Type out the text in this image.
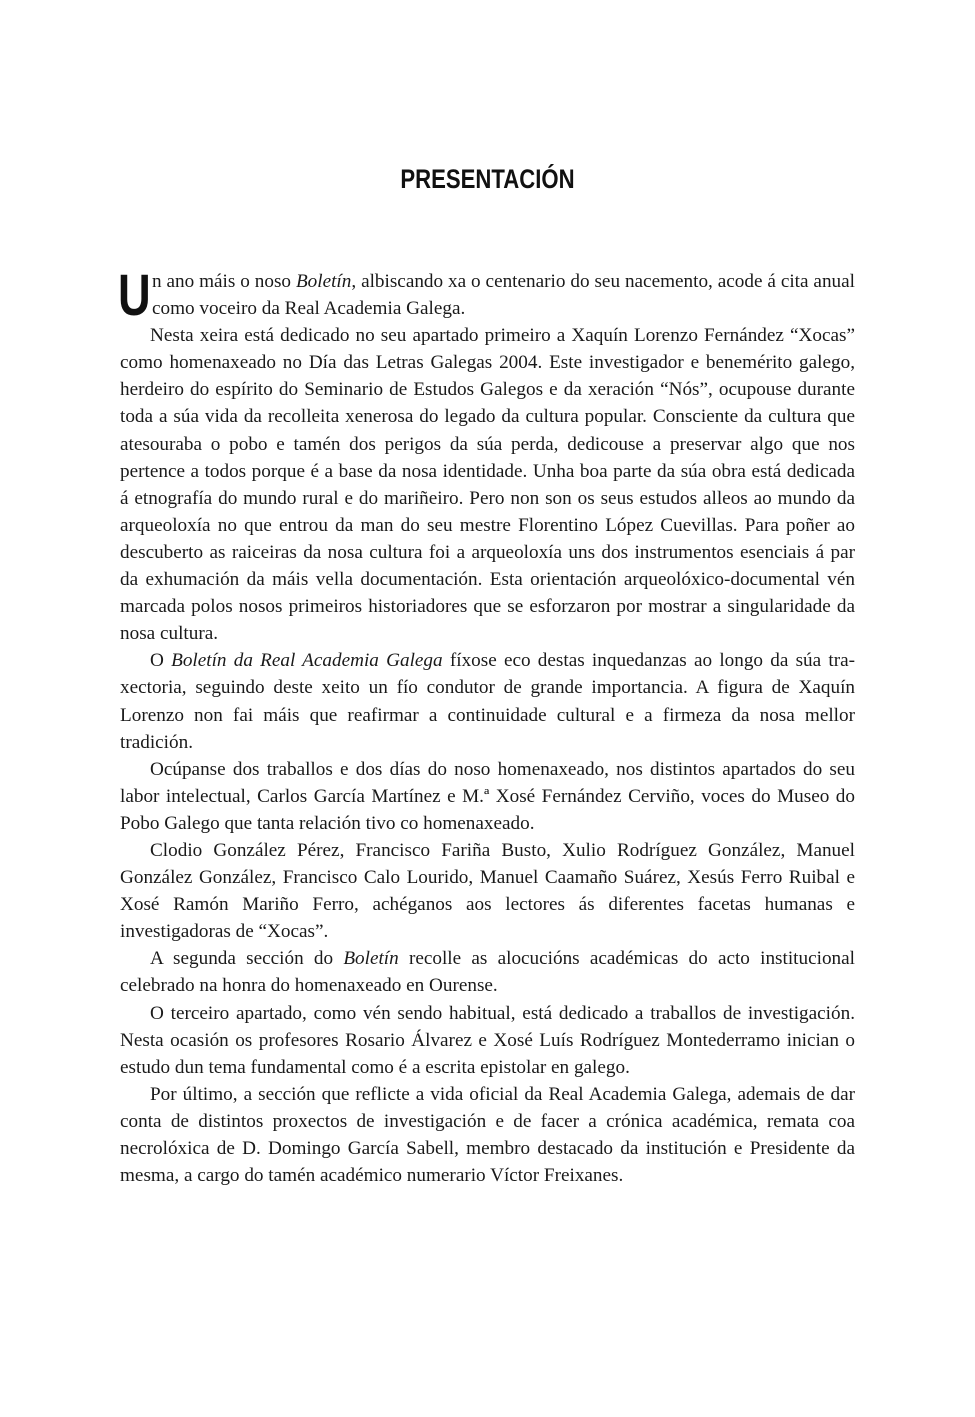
PRESENTACIÓN

Un ano máis o noso Boletín, albiscando xa o centenario do seu nacemento, acode á cita anual como voceiro da Real Academia Galega.

Nesta xeira está dedicado no seu apartado primeiro a Xaquín Lorenzo Fernández “Xocas” como homenaxeado no Día das Letras Galegas 2004. Este investigador e benemérito galego, herdeiro do espírito do Seminario de Estudos Galegos e da xeración “Nós”, ocupouse durante toda a súa vida da recolleita xenerosa do legado da cultura popular. Consciente da cultura que atesouraba o pobo e tamén dos perigos da súa perda, dedicouse a preservar algo que nos pertence a todos porque é a base da nosa identidade. Unha boa parte da súa obra está dedicada á etnografía do mundo rural e do mariñeiro. Pero non son os seus estudos alleos ao mundo da arqueoloxía no que entrou da man do seu mestre Florentino López Cuevillas. Para poñer ao descuberto as raiceiras da nosa cultura foi a arqueoloxía uns dos instrumentos esenciais á par da exhumación da máis vella documentación. Esta orientación arqueolóxico-documental vén marcada polos nosos primeiros historiadores que se esforzaron por mostrar a singularidade da nosa cultura.

O Boletín da Real Academia Galega fíxose eco destas inquedanzas ao longo da súa traxectoria, seguindo deste xeito un fío condutor de grande importancia. A figura de Xaquín Lorenzo non fai máis que reafirmar a continuidade cultural e a firmeza da nosa mellor tradición.

Ocúpanse dos traballos e dos días do noso homenaxeado, nos distintos apartados do seu labor intelectual, Carlos García Martínez e M.ª Xosé Fernández Cerviño, voces do Museo do Pobo Galego que tanta relación tivo co homenaxeado.

Clodio González Pérez, Francisco Fariña Busto, Xulio Rodríguez González, Manuel González González, Francisco Calo Lourido, Manuel Caamaño Suárez, Xesús Ferro Ruibal e Xosé Ramón Mariño Ferro, achéganos aos lectores ás diferentes facetas humanas e investigadoras de “Xocas”.

A segunda sección do Boletín recolle as alocucións académicas do acto institucional celebrado na honra do homenaxeado en Ourense.

O terceiro apartado, como vén sendo habitual, está dedicado a traballos de investigación. Nesta ocasión os profesores Rosario Álvarez e Xosé Luís Rodríguez Montederramo inician o estudo dun tema fundamental como é a escrita epistolar en galego.

Por último, a sección que reflicte a vida oficial da Real Academia Galega, ademais de dar conta de distintos proxectos de investigación e de facer a crónica académica, remata coa necrolóxica de D. Domingo García Sabell, membro destacado da institución e Presidente da mesma, a cargo do tamén académico numerario Víctor Freixanes.
